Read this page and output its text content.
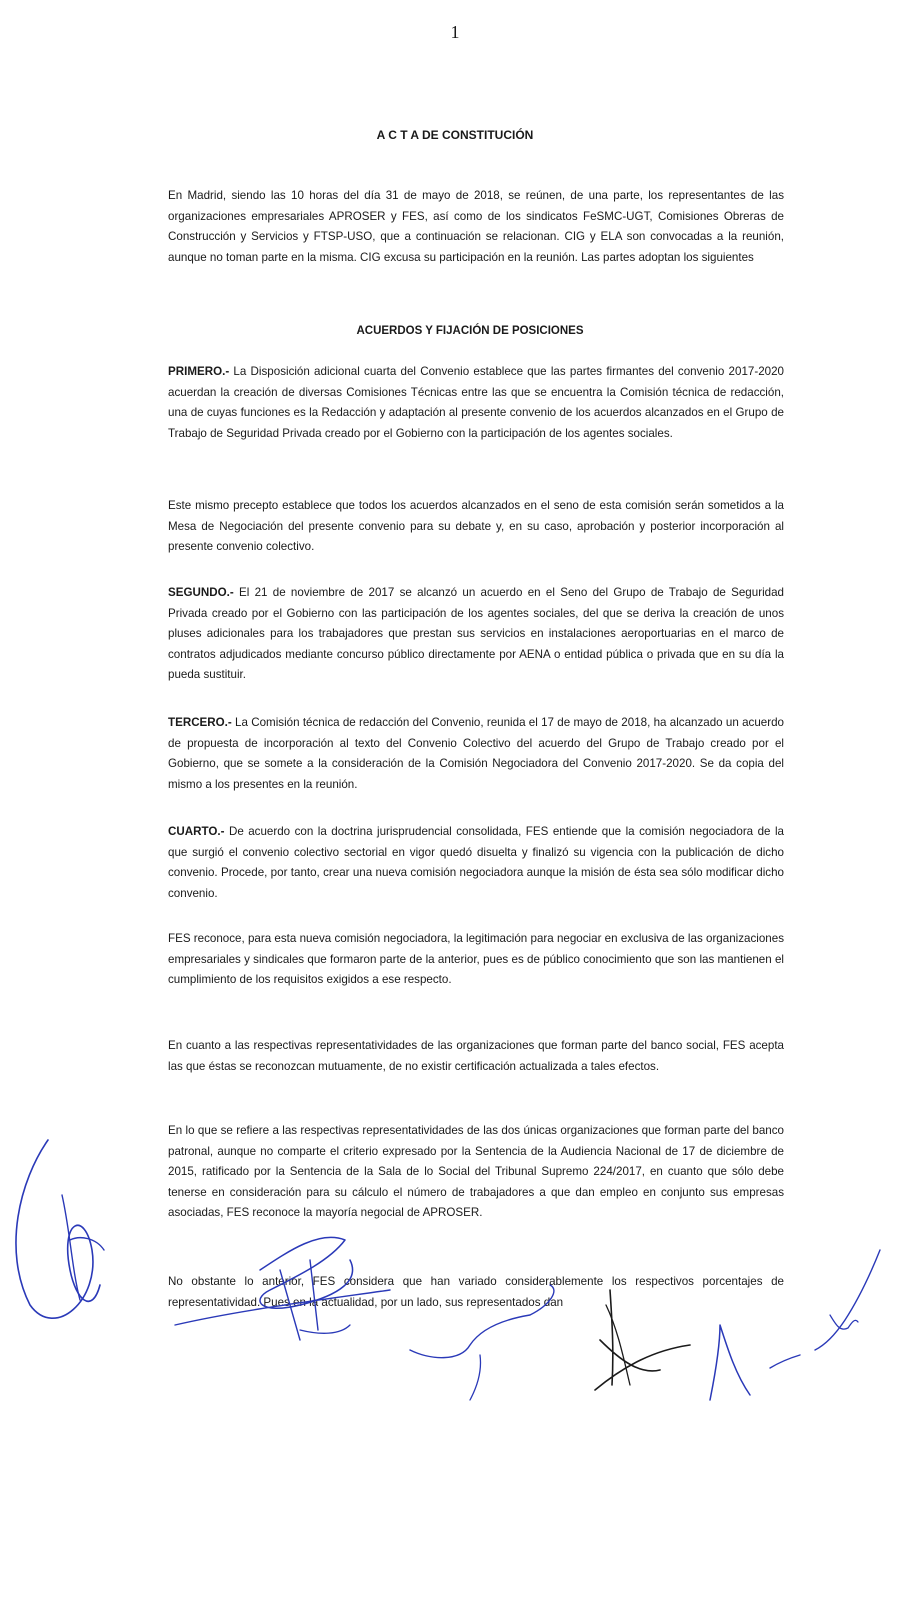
1
A C T A DE CONSTITUCIÓN

En Madrid, siendo las 10 horas del día 31 de mayo de 2018, se reúnen, de una parte, los representantes de las organizaciones empresariales APROSER y FES, así como de los sindicatos FeSMC-UGT, Comisiones Obreras de Construcción y Servicios y FTSP-USO, que a continuación se relacionan. CIG y ELA son convocadas a la reunión, aunque no toman parte en la misma. CIG excusa su participación en la reunión. Las partes adoptan los siguientes

ACUERDOS Y FIJACIÓN DE POSICIONES

PRIMERO.- La Disposición adicional cuarta del Convenio establece que las partes firmantes del convenio 2017-2020 acuerdan la creación de diversas Comisiones Técnicas entre las que se encuentra la Comisión técnica de redacción, una de cuyas funciones es la Redacción y adaptación al presente convenio de los acuerdos alcanzados en el Grupo de Trabajo de Seguridad Privada creado por el Gobierno con la participación de los agentes sociales.

Este mismo precepto establece que todos los acuerdos alcanzados en el seno de esta comisión serán sometidos a la Mesa de Negociación del presente convenio para su debate y, en su caso, aprobación y posterior incorporación al presente convenio colectivo.

SEGUNDO.- El 21 de noviembre de 2017 se alcanzó un acuerdo en el Seno del Grupo de Trabajo de Seguridad Privada creado por el Gobierno con las participación de los agentes sociales, del que se deriva la creación de unos pluses adicionales para los trabajadores que prestan sus servicios en instalaciones aeroportuarias en el marco de contratos adjudicados mediante concurso público directamente por AENA o entidad pública o privada que en su día la pueda sustituir.

TERCERO.- La Comisión técnica de redacción del Convenio, reunida el 17 de mayo de 2018, ha alcanzado un acuerdo de propuesta de incorporación al texto del Convenio Colectivo del acuerdo del Grupo de Trabajo creado por el Gobierno, que se somete a la consideración de la Comisión Negociadora del Convenio 2017-2020. Se da copia del mismo a los presentes en la reunión.

CUARTO.- De acuerdo con la doctrina jurisprudencial consolidada, FES entiende que la comisión negociadora de la que surgió el convenio colectivo sectorial en vigor quedó disuelta y finalizó su vigencia con la publicación de dicho convenio. Procede, por tanto, crear una nueva comisión negociadora aunque la misión de ésta sea sólo modificar dicho convenio.

FES reconoce, para esta nueva comisión negociadora, la legitimación para negociar en exclusiva de las organizaciones empresariales y sindicales que formaron parte de la anterior, pues es de público conocimiento que son las mantienen el cumplimiento de los requisitos exigidos a ese respecto.

En cuanto a las respectivas representatividades de las organizaciones que forman parte del banco social, FES acepta las que éstas se reconozcan mutuamente, de no existir certificación actualizada a tales efectos.

En lo que se refiere a las respectivas representatividades de las dos únicas organizaciones que forman parte del banco patronal, aunque no comparte el criterio expresado por la Sentencia de la Audiencia Nacional de 17 de diciembre de 2015, ratificado por la Sentencia de la Sala de lo Social del Tribunal Supremo 224/2017, en cuanto que sólo debe tenerse en consideración para su cálculo el número de trabajadores a que dan empleo en conjunto sus empresas asociadas, FES reconoce la mayoría negocial de APROSER.

No obstante lo anterior, FES considera que han variado considerablemente los respectivos porcentajes de representatividad. Pues en la actualidad, por un lado, sus representados dan
